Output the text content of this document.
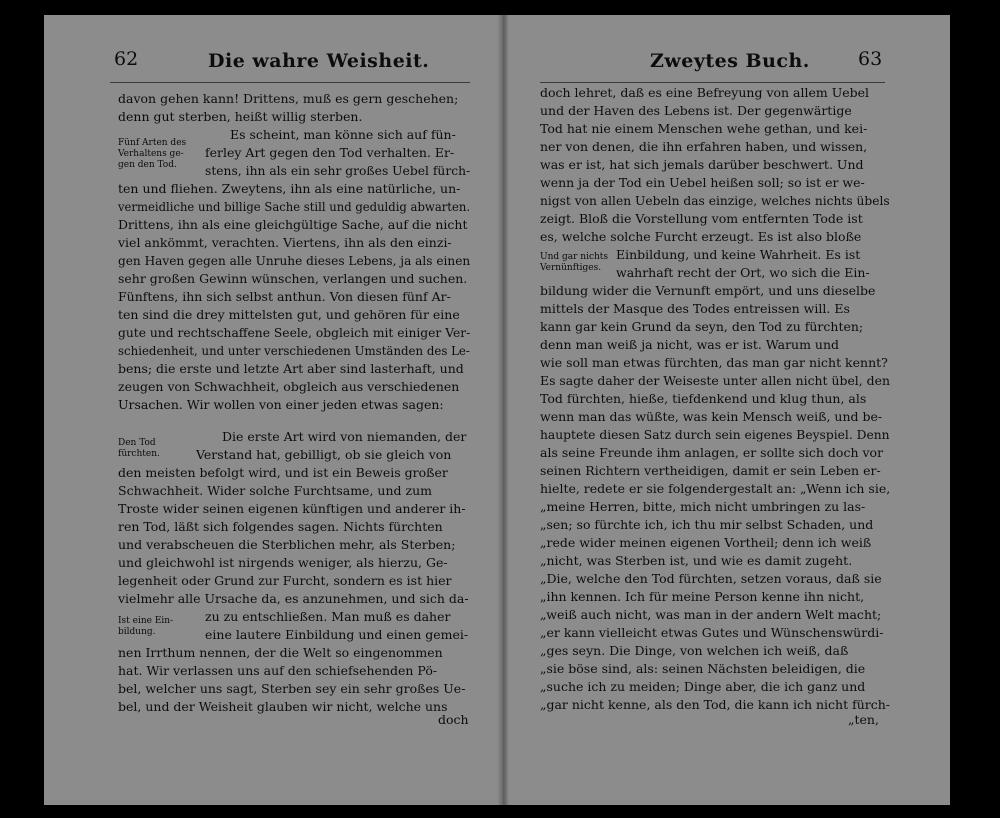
62	Die wahre Weisheit.	Zweytes Buch.	63
davon gehen kann! Drittens, muß es gern geschehen;
denn gut sterben, heißt willig sterben.
Es scheint, man könne sich auf fün-
ferley Art gegen den Tod verhalten. Er-
stens, ihn als ein sehr großes Uebel fürch-
ten und fliehen. Zweytens, ihn als eine natürliche, un-
vermeidliche und billige Sache still und geduldig abwarten.
Drittens, ihn als eine gleichgültige Sache, auf die nicht
viel ankömmt, verachten. Viertens, ihn als den einzi-
gen Haven gegen alle Unruhe dieses Lebens, ja als einen
sehr großen Gewinn wünschen, verlangen und suchen.
Fünftens, ihn sich selbst anthun. Von diesen fünf Ar-
ten sind die drey mittelsten gut, und gehören für eine
gute und rechtschaffene Seele, obgleich mit einiger Ver-
schiedenheit, und unter verschiedenen Umständen des Le-
bens; die erste und letzte Art aber sind lasterhaft, und
zeugen von Schwachheit, obgleich aus verschiedenen
Ursachen. Wir wollen von einer jeden etwas sagen:
Die erste Art wird von niemanden, der
Verstand hat, gebilligt, ob sie gleich von
den meisten befolgt wird, und ist ein Beweis großer
Schwachheit. Wider solche Furchtsame, und zum
Troste wider seinen eigenen künftigen und anderer ih-
ren Tod, läßt sich folgendes sagen. Nichts fürchten
und verabscheuen die Sterblichen mehr, als Sterben;
und gleichwohl ist nirgends weniger, als hierzu, Ge-
legenheit oder Grund zur Furcht, sondern es ist hier
vielmehr alle Ursache da, es anzunehmen, und sich da-
zu zu entschließen. Man muß es daher
eine lautere Einbildung und einen gemei-
nen Irrthum nennen, der die Welt so eingenommen
hat. Wir verlassen uns auf den schiefsehenden Pö-
bel, welcher uns sagt, Sterben sey ein sehr großes Ue-
bel, und der Weisheit glauben wir nicht, welche uns
doch
Fünf Arten des
Verhaltens ge-
gen den Tod.
Den Tod
fürchten.
Ist eine Ein-
bildung.
doch lehret, daß es eine Befreyung von allem Uebel
und der Haven des Lebens ist. Der gegenwärtige
Tod hat nie einem Menschen wehe gethan, und kei-
ner von denen, die ihn erfahren haben, und wissen,
was er ist, hat sich jemals darüber beschwert. Und
wenn ja der Tod ein Uebel heißen soll; so ist er we-
nigst von allen Uebeln das einzige, welches nichts übels
zeigt. Bloß die Vorstellung vom entfernten Tode ist
es, welche solche Furcht erzeugt. Es ist also bloße
Einbildung, und keine Wahrheit. Es ist
wahrhaft recht der Ort, wo sich die Ein-
bildung wider die Vernunft empört, und uns dieselbe
mittels der Masque des Todes entreissen will. Es
kann gar kein Grund da seyn, den Tod zu fürchten;
denn man weiß ja nicht, was er ist. Warum und
wie soll man etwas fürchten, das man gar nicht kennt?
Es sagte daher der Weiseste unter allen nicht übel, den
Tod fürchten, hieße, tiefdenkend und klug thun, als
wenn man das wüßte, was kein Mensch weiß, und be-
hauptete diesen Satz durch sein eigenes Beyspiel. Denn
als seine Freunde ihm anlagen, er sollte sich doch vor
seinen Richtern vertheidigen, damit er sein Leben er-
hielte, redete er sie folgendergestalt an: „Wenn ich sie,
„meine Herren, bitte, mich nicht umbringen zu las-
„sen; so fürchte ich, ich thu mir selbst Schaden, und
„rede wider meinen eigenen Vortheil; denn ich weiß
„nicht, was Sterben ist, und wie es damit zugeht.
„Die, welche den Tod fürchten, setzen voraus, daß sie
„ihn kennen. Ich für meine Person kenne ihn nicht,
„weiß auch nicht, was man in der andern Welt macht;
„er kann vielleicht etwas Gutes und Wünschenswürdi-
„ges seyn. Die Dinge, von welchen ich weiß, daß
„sie böse sind, als: seinen Nächsten beleidigen, die
„suche ich zu meiden; Dinge aber, die ich ganz und
„gar nicht kenne, als den Tod, die kann ich nicht fürch-
„ten,
Und gar nichts
Vernünftiges.
